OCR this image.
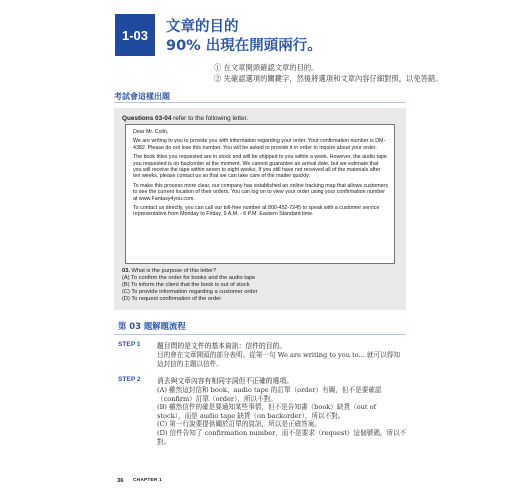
1-03	文章的目的
90% 出現在開頭兩行。
① 在文章開頭確認文章的目的。
② 先確認選項的關鍵字，然後將選項和文章內容仔細對照，以免答錯。
考試會這樣出題
Questions 03-04 refer to the following letter.

Dear Mr. Colin,

We are writing to you to provide you with information regarding your order. Your confirmation number is DM-4382. Please do not lose this number. You will be asked to provide it in order to inquire about your order.

The book titles you requested are in stock and will be shipped to you within a week. However, the audio tape you requested is on backorder at the moment. We cannot guarantee an arrival date, but we estimate that you will receive the tape within seven to eight weeks. If you still have not received all of the materials after ten weeks, please contact us so that we can take care of the matter quickly.

To make this process more clear, our company has established an online tracking map that allows customers to see the current location of their orders. You can log on to view your order using your confirmation number at www.Fantasy4you.com.

To contact us directly, you can call our toll-free number at 800-452-7245 to speak with a customer service representative from Monday to Friday, 9 A.M. - 6 P.M. Eastern Standard time.

03. What is the purpose of this letter?
(A) To confirm the order for books and the audio tape
(B) To inform the client that the book is out of stock
(C) To provide information regarding a customer order
(D) To request confirmation of the order
第 03 題解題流程
STEP 1 題目問的是文件的基本資訊：信件的目的。

目的會在文章開頭的部分表明。從第一句 We are writing to you to... 就可以得知

這封信的主題以信件。

STEP 2 消去與文章內容有相同字詞但不正確的選項。

(A) 雖然這封信和 book、audio tape 的訂單（order）有關，但不是要確認

（confirm）訂單（order），所以不對。

(B) 雖然信件的確是要通知某些事情，但不是告知書（book）缺貨（out of

stock），而是 audio tape 缺貨（on backorder），所以不對。

(C) 第一行說要提供關於訂單的資訊，所以是正確答案。

(D) 信件告知了 confirmation number，而不是要求（request）這個號碼，所以不

對。

36 CHAPTER 1
